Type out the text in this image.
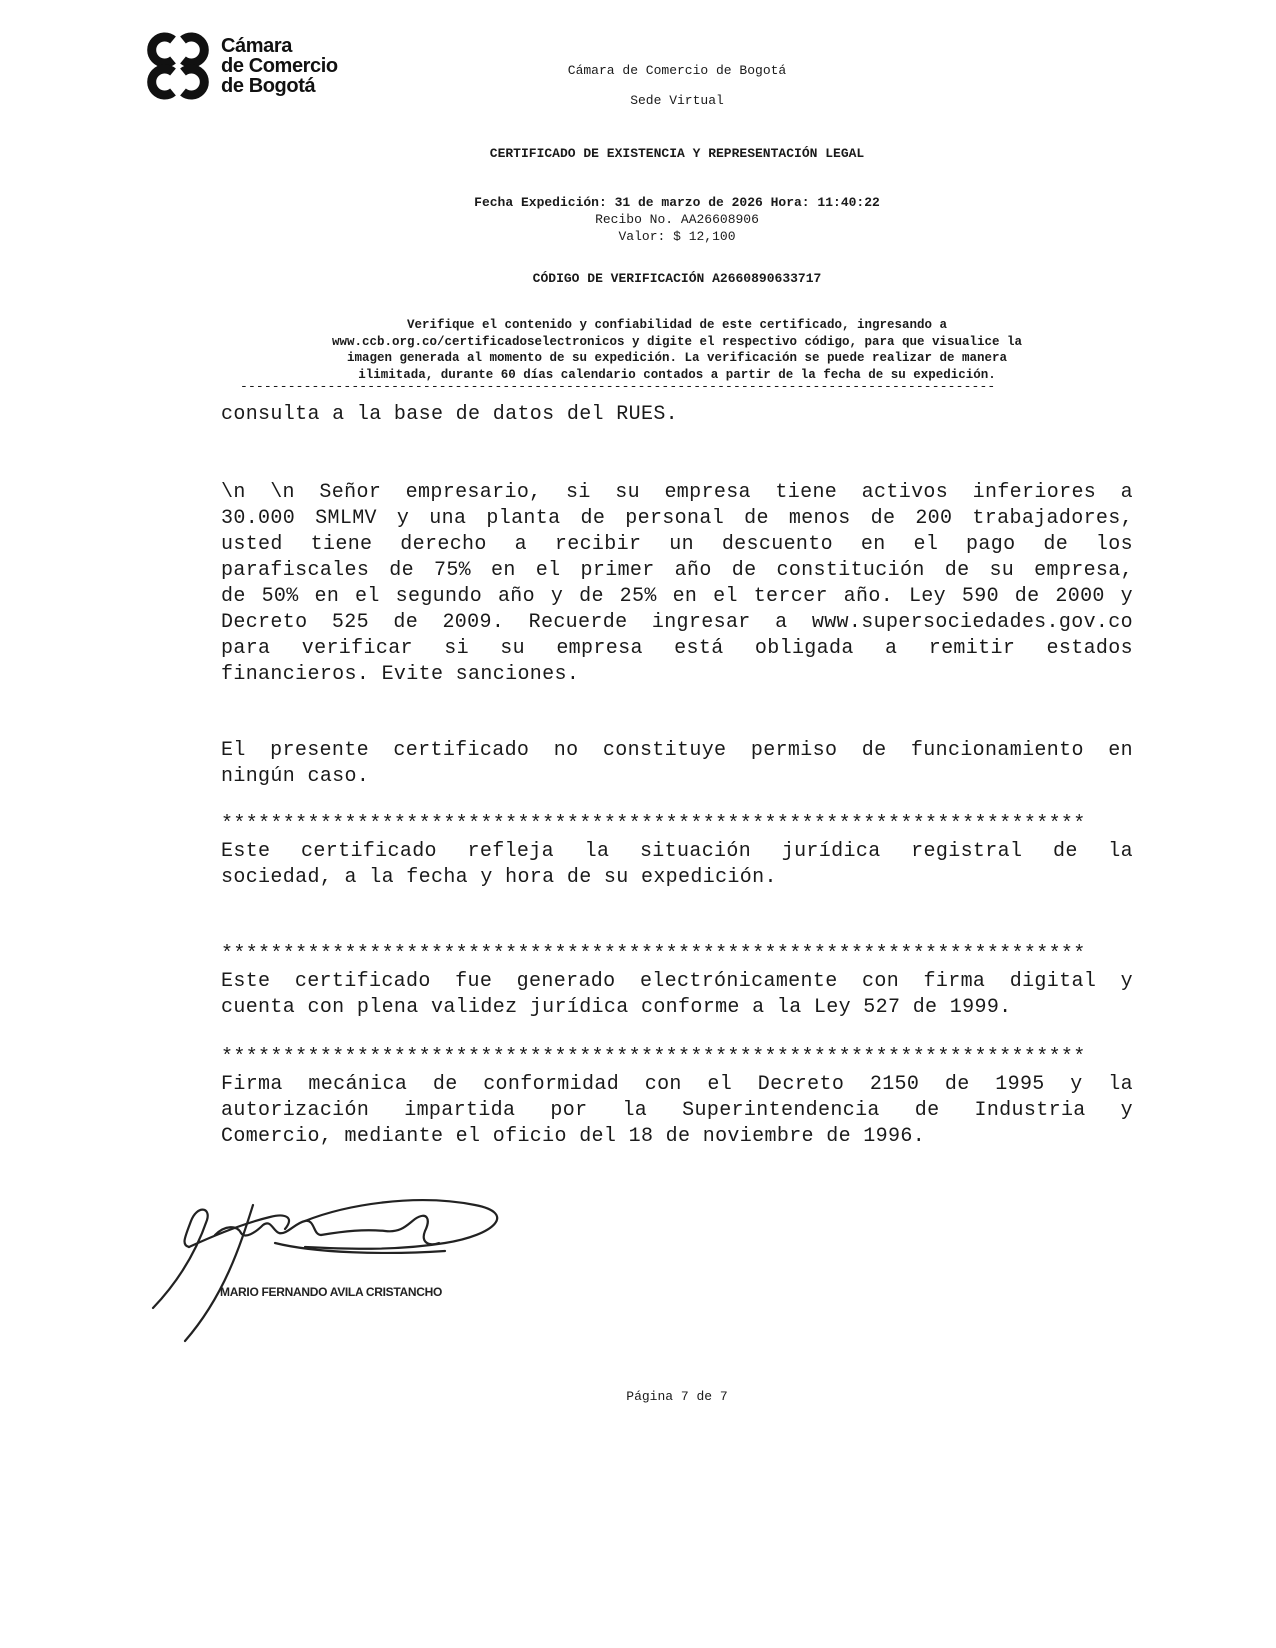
Cámara
de Comercio
de Bogotá
Cámara de Comercio de Bogotá
Sede Virtual
CERTIFICADO DE EXISTENCIA Y REPRESENTACIÓN LEGAL
Fecha Expedición: 31 de marzo de 2026 Hora: 11:40:22
Recibo No. AA26608906
Valor: $ 12,100
CÓDIGO DE VERIFICACIÓN A2660890633717
Verifique el contenido y confiabilidad de este certificado, ingresando a
www.ccb.org.co/certificadoselectronicos y digite el respectivo código, para que visualice la
imagen generada al momento de su expedición. La verificación se puede realizar de manera
ilimitada, durante 60 días calendario contados a partir de la fecha de su expedición.
-----------------------------------------------------------------------------------------------
consulta a la base de datos del RUES.
\n \n Señor empresario, si su empresa tiene activos inferiores a
30.000 SMLMV y una planta de personal de menos de 200 trabajadores,
usted tiene derecho a recibir un descuento en el pago de los
parafiscales de 75% en el primer año de constitución de su empresa,
de 50% en el segundo año y de 25% en el tercer año. Ley 590 de 2000 y
Decreto 525 de 2009. Recuerde ingresar a www.supersociedades.gov.co
para verificar si su empresa está obligada a remitir estados
financieros. Evite sanciones.
El presente certificado no constituye permiso de funcionamiento en
ningún caso.
**********************************************************************
Este certificado refleja la situación jurídica registral de la
sociedad, a la fecha y hora de su expedición.
**********************************************************************
Este certificado fue generado electrónicamente con firma digital y
cuenta con plena validez jurídica conforme a la Ley 527 de 1999.
**********************************************************************
Firma mecánica de conformidad con el Decreto 2150 de 1995 y la
autorización impartida por la Superintendencia de Industria y
Comercio, mediante el oficio del 18 de noviembre de 1996.
MARIO FERNANDO AVILA CRISTANCHO
Página 7 de 7
